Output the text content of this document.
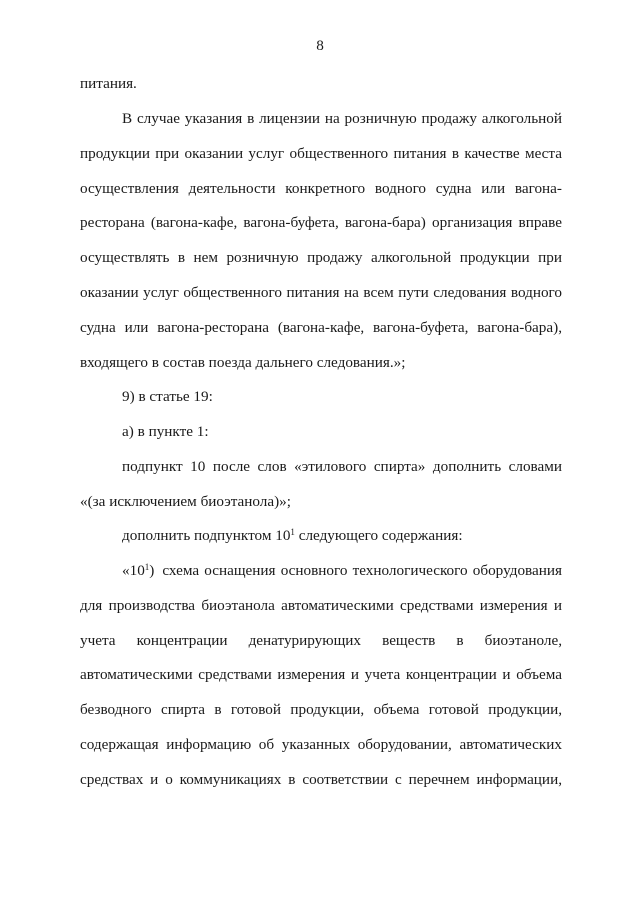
8
питания.
В случае указания в лицензии на розничную продажу алкогольной
продукции при оказании услуг общественного питания в качестве места
осуществления деятельности конкретного водного судна или вагона-
ресторана (вагона-кафе, вагона-буфета, вагона-бара) организация вправе
осуществлять в нем розничную продажу алкогольной продукции при
оказании услуг общественного питания на всем пути следования водного
судна или вагона-ресторана (вагона-кафе, вагона-буфета, вагона-бара),
входящего в состав поезда дальнего следования.»;
9) в статье 19:
а) в пункте 1:
подпункт 10 после слов «этилового спирта» дополнить словами
«(за исключением биоэтанола)»;
дополнить подпунктом $10^1$ следующего содержания:
«$10^1$) схема оснащения основного технологического оборудования
для производства биоэтанола автоматическими средствами измерения и
учета концентрации денатурирующих веществ в биоэтаноле,
автоматическими средствами измерения и учета концентрации и объема
безводного спирта в готовой продукции, объема готовой продукции,
содержащая информацию об указанных оборудовании, автоматических
средствах и о коммуникациях в соответствии с перечнем информации,
